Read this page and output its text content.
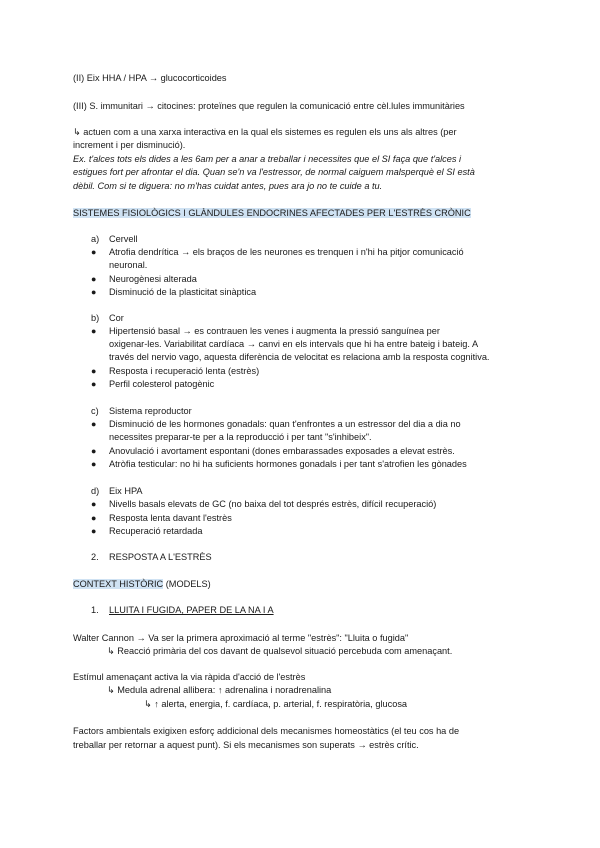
(II) Eix HHA / HPA → glucocorticoides
(III) S. immunitari → citocines: proteïnes que regulen la comunicació entre cèl.lules immunitàries
↳ actuen com a una xarxa interactiva en la qual els sistemes es regulen els uns als altres (per
increment i per disminució).
Ex. t'alces tots els dides a les 6am per a anar a treballar i necessites que el SI faça que t'alces i
estigues fort per afrontar el dia. Quan se'n va l'estressor, de normal caiguem malsperquè el SI està
dèbil. Com si te diguera: no m'has cuidat antes, pues ara jo no te cuide a tu.
SISTEMES FISIOLÒGICS I GLÀNDULES ENDOCRINES AFECTADES PER L'ESTRÈS CRÒNIC
a) Cervell
● Atrofia dendrítica → els braços de les neurones es trenquen i n'hi ha pitjor comunicació
neuronal.
● Neurogènesi alterada
● Disminució de la plasticitat sinàptica
b) Cor
● Hipertensió basal → es contrauen les venes i augmenta la pressió sanguínea per
oxigenar-les. Variabilitat cardíaca → canvi en els intervals que hi ha entre bateig i bateig. A
través del nervio vago, aquesta diferència de velocitat es relaciona amb la resposta cognitiva.
● Resposta i recuperació lenta (estrès)
● Perfil colesterol patogènic
c) Sistema reproductor
● Disminució de les hormones gonadals: quan t'enfrontes a un estressor del dia a dia no
necessites preparar-te per a la reproducció i per tant "s'inhibeix".
● Anovulació i avortament espontani (dones embarassades exposades a elevat estrès.
● Atròfia testicular: no hi ha suficients hormones gonadals i per tant s'atrofien les gònades
d) Eix HPA
● Nivells basals elevats de GC (no baixa del tot després estrès, difícil recuperació)
● Resposta lenta davant l'estrès
● Recuperació retardada
2. RESPOSTA A L'ESTRÈS
CONTEXT HISTÒRIC (MODELS)
1. LLUITA I FUGIDA, PAPER DE LA NA I A
Walter Cannon → Va ser la primera aproximació al terme "estrès": "Lluita o fugida"
↳ Reacció primària del cos davant de qualsevol situació percebuda com amenaçant.
Estímul amenaçant activa la via ràpida d'acció de l'estrès
↳ Medula adrenal allibera: ↑ adrenalina i noradrenalina
↳ ↑ alerta, energia, f. cardíaca, p. arterial, f. respiratòria, glucosa
Factors ambientals exigixen esforç addicional dels mecanismes homeostàtics (el teu cos ha de
treballar per retornar a aquest punt). Si els mecanismes son superats → estrès crític.
